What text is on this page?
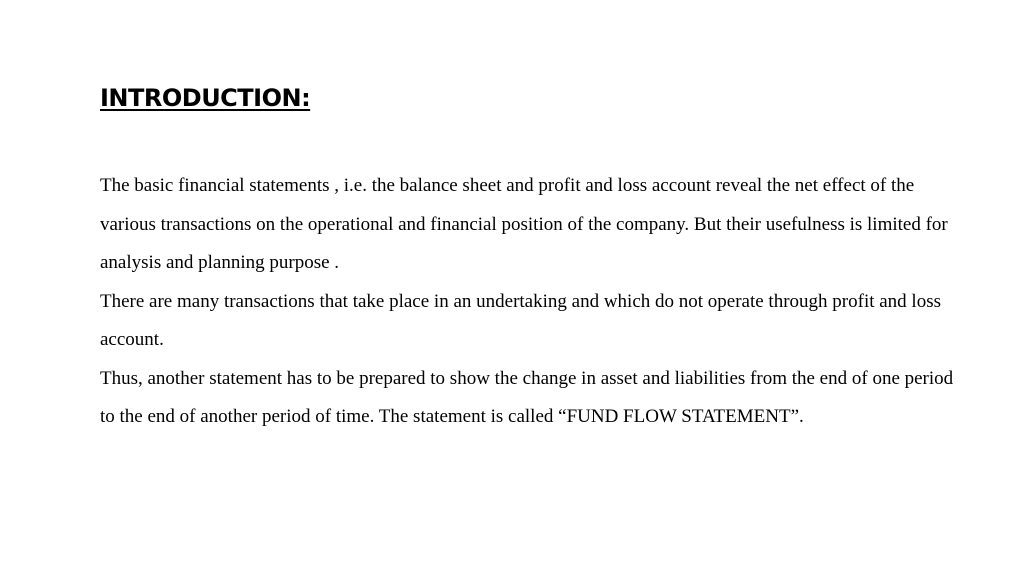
INTRODUCTION:

The basic financial statements , i.e. the balance sheet and profit and loss account reveal the net effect of the various transactions on the operational and financial position of the company. But their usefulness is limited for analysis and planning purpose .

There are many transactions that take place in an undertaking and which do not operate through profit and loss account.

Thus, another statement has to be prepared to show the change in asset and liabilities from the end of one period to the end of another period of time. The statement is called “FUND FLOW STATEMENT”.
